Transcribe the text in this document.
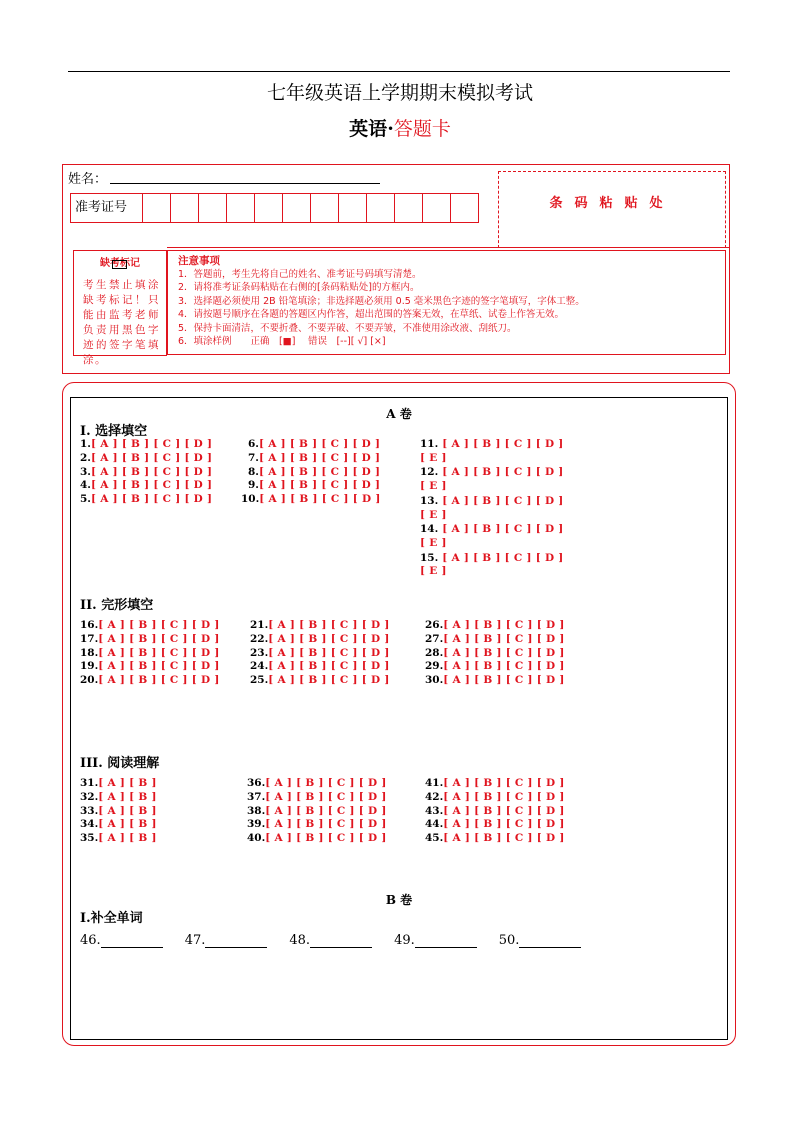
七年级英语上学期期末模拟考试
英语·答题卡
姓名：
准考证号	条码粘贴处
缺考标记
考生禁止填涂缺考标记！只能由监考老师负责用黑色字迹的签字笔填涂。
注意事项
1．答题前，考生先将自己的姓名、准考证号码填写清楚。
2．请将准考证条码粘贴在右侧的[条码粘贴处]的方框内。
3．选择题必须使用 2B 铅笔填涂；非选择题必须用 0.5 毫米黑色字迹的签字笔填写，字体工整。
4．请按题号顺序在各题的答题区内作答，超出范围的答案无效，在草纸、试卷上作答无效。
5．保持卡面清洁，不要折叠、不要弄破、不要弄皱，不准使用涂改液、刮纸刀。
6．填涂样例　　正确　[■]　 错误　[--][ √] [×]
A 卷
I. 选择填空
1.[ A ] [ B ] [ C ] [ D ]
2.[ A ] [ B ] [ C ] [ D ]
3.[ A ] [ B ] [ C ] [ D ]
4.[ A ] [ B ] [ C ] [ D ]
5.[ A ] [ B ] [ C ] [ D ]
6.[ A ] [ B ] [ C ] [ D ]
7.[ A ] [ B ] [ C ] [ D ]
8.[ A ] [ B ] [ C ] [ D ]
9.[ A ] [ B ] [ C ] [ D ]
10.[ A ] [ B ] [ C ] [ D ]
11. [ A ] [ B ] [ C ] [ D ] [ E ]
12. [ A ] [ B ] [ C ] [ D ] [ E ]
13. [ A ] [ B ] [ C ] [ D ] [ E ]
14. [ A ] [ B ] [ C ] [ D ] [ E ]
15. [ A ] [ B ] [ C ] [ D ] [ E ]
II. 完形填空
16.[ A ] [ B ] [ C ] [ D ]
17.[ A ] [ B ] [ C ] [ D ]
18.[ A ] [ B ] [ C ] [ D ]
19.[ A ] [ B ] [ C ] [ D ]
20.[ A ] [ B ] [ C ] [ D ]
21.[ A ] [ B ] [ C ] [ D ]
22.[ A ] [ B ] [ C ] [ D ]
23.[ A ] [ B ] [ C ] [ D ]
24.[ A ] [ B ] [ C ] [ D ]
25.[ A ] [ B ] [ C ] [ D ]
26.[ A ] [ B ] [ C ] [ D ]
27.[ A ] [ B ] [ C ] [ D ]
28.[ A ] [ B ] [ C ] [ D ]
29.[ A ] [ B ] [ C ] [ D ]
30.[ A ] [ B ] [ C ] [ D ]
III. 阅读理解
31.[ A ] [ B ]
32.[ A ] [ B ]
33.[ A ] [ B ]
34.[ A ] [ B ]
35.[ A ] [ B ]
36.[ A ] [ B ] [ C ] [ D ]
37.[ A ] [ B ] [ C ] [ D ]
38.[ A ] [ B ] [ C ] [ D ]
39.[ A ] [ B ] [ C ] [ D ]
40.[ A ] [ B ] [ C ] [ D ]
41.[ A ] [ B ] [ C ] [ D ]
42.[ A ] [ B ] [ C ] [ D ]
43.[ A ] [ B ] [ C ] [ D ]
44.[ A ] [ B ] [ C ] [ D ]
45.[ A ] [ B ] [ C ] [ D ]
B 卷
I.补全单词
46.	47.	48.	49.	50.
